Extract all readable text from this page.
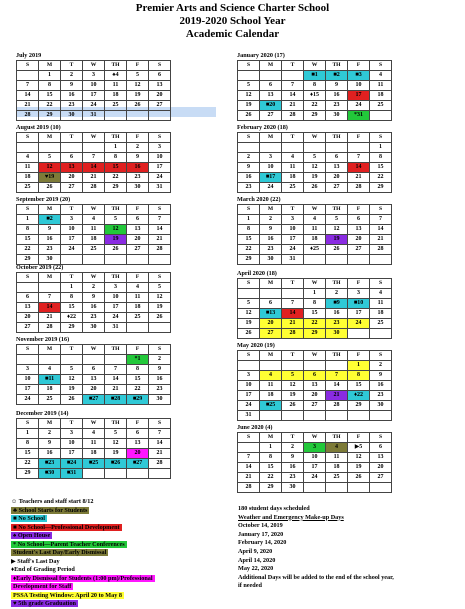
Premier Arts and Science Charter School
2019-2020 School Year
Academic Calendar
July 2019
S	M	T	W	TH	F	S
	1	2	3	♠4	5	6
7	8	9	10	11	12	13
14	15	16	17	18	19	20
21	22	23	24	25	26	27
28	29	30	31			
August 2019 (10)
S	M	T	W	TH	F	S
				1	2	3
4	5	6	7	8	9	10
11	12	13	14	15	16	17
18	♥19	20	21	22	23	24
25	26	27	28	29	30	31
September 2019 (20)
S	M	T	W	TH	F	S
1	■2	3	4	5	6	7
8	9	10	11	12	13	14
15	16	17	18	19	20	21
22	23	24	25	26	27	28
29	30					
October 2019 (22)
S	M	T	W	TH	F	S
		1	2	3	4	5
6	7	8	9	10	11	12
13	14	15	16	17	18	19
20	21	♦22	23	24	25	26
27	28	29	30	31		
November 2019 (16)
S	M	T	W	TH	F	S
					*1	2
3	4	5	6	7	8	9
10	■11	12	13	14	15	16
17	18	19	20	21	22	23
24	25	26	■27	■28	■29	30
December 2019 (14)
S	M	T	W	TH	F	S
1	2	3	4	5	6	7
8	9	10	11	12	13	14
15	16	17	18	19	20	21
22	■23	■24	■25	■26	■27	28
29	■30	■31				
January 2020 (17)
S	M	T	W	TH	F	S
			■1	■2	■3	4
5	6	7	8	9	10	11
12	13	14	♦15	16	17	18
19	■20	21	22	23	24	25
26	27	28	29	30	*31	
February 2020 (18)
S	M	T	W	TH	F	S
						1
2	3	4	5	6	7	8
9	10	11	12	13	14	15
16	■17	18	19	20	21	22
23	24	25	26	27	28	29
March 2020 (22)
S	M	T	W	TH	F	S
1	2	3	4	5	6	7
8	9	10	11	12	13	14
15	16	17	18	19	20	21
22	23	24	♦25	26	27	28
29	30	31				
April 2020 (18)
S	M	T	W	TH	F	S
			1	2	3	4
5	6	7	8	■9	■10	11
12	■13	14	15	16	17	18
19	20	21	22	23	24	25
26	27	28	29	30		
May 2020 (19)
S	M	T	W	TH	F	S
					1	2
3	4	5	6	7	8	9
10	11	12	13	14	15	16
17	18	19	20	21	♦22	23
24	■25	26	27	28	29	30
31						
June 2020 (4)
S	M	T	W	TH	F	S
	1	2	3	4	▶5	6
7	8	9	10	11	12	13
14	15	16	17	18	19	20
21	22	23	24	25	26	27
28	29	30				
☺ Teachers and staff start 8/12
♣ School Starts for Students
■ No School
■ No School—Professional Development
♠ Open House
* No School—Parent Teacher Conferences
Student's Last Day/Early Dismissal
▶ Staff's Last Day
♦End of Grading Period
♦Early Dismissal for Students (1:00 pm)/Professional
Development for Staff
PSSA Testing Window: April 20 to May 8
♥ 5th grade Graduation
180 student days scheduled
Weather and Emergency Make-up Days
October 14, 2019
January 17, 2020
February 14, 2020
April 9, 2020
April 14, 2020
May 22, 2020
Additional Days will be added to the end of the school year,
if needed
